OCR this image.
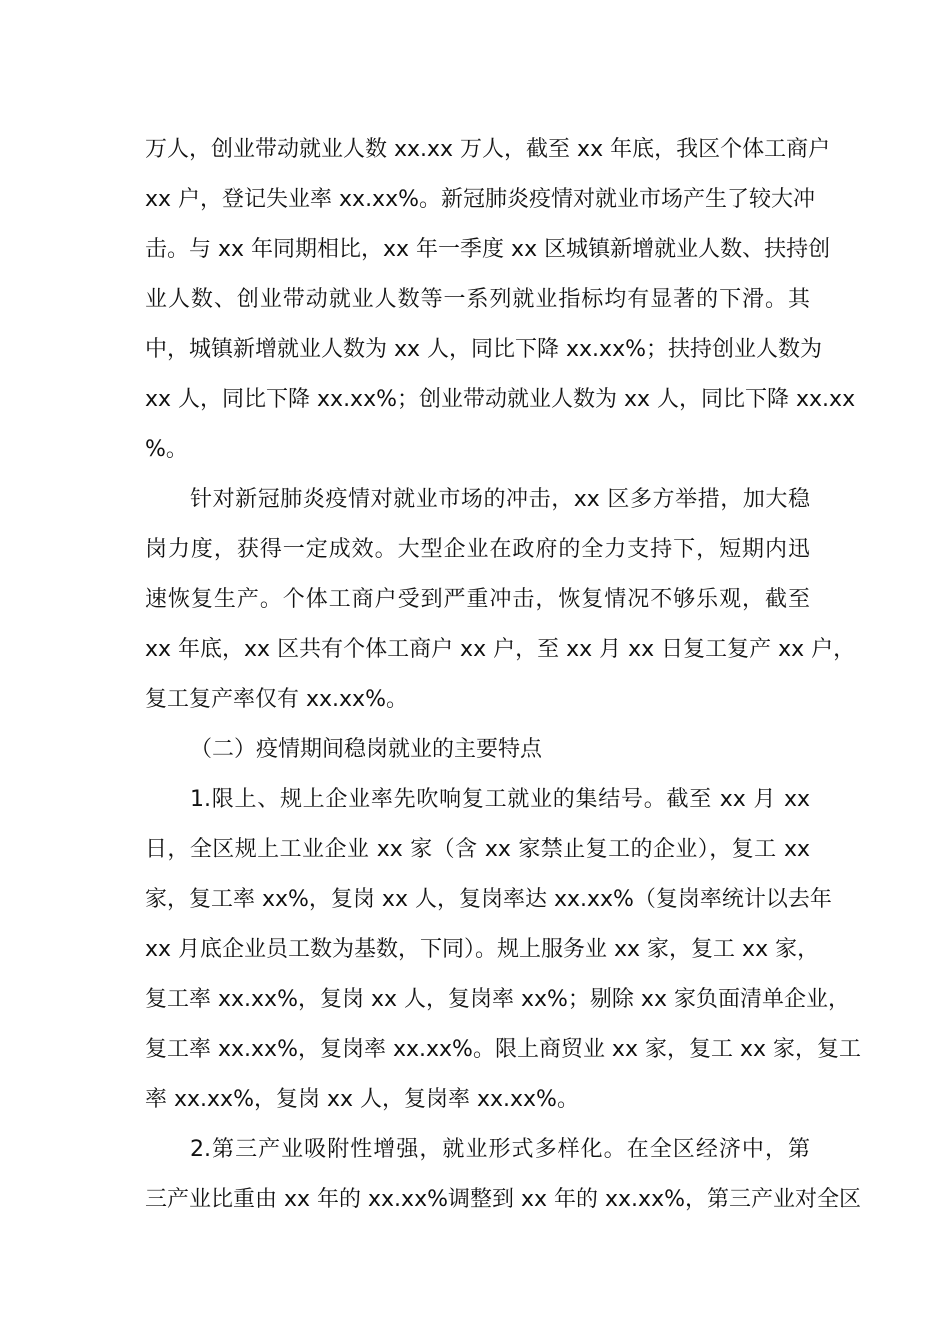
万人，创业带动就业人数 xx.xx 万人，截至 xx 年底，我区个体工商户
xx 户，登记失业率 xx.xx%。新冠肺炎疫情对就业市场产生了较大冲
击。与 xx 年同期相比，xx 年一季度 xx 区城镇新增就业人数、扶持创
业人数、创业带动就业人数等一系列就业指标均有显著的下滑。其
中，城镇新增就业人数为 xx 人，同比下降 xx.xx%；扶持创业人数为
xx 人，同比下降 xx.xx%；创业带动就业人数为 xx 人，同比下降 xx.xx
%。
针对新冠肺炎疫情对就业市场的冲击，xx 区多方举措，加大稳
岗力度，获得一定成效。大型企业在政府的全力支持下，短期内迅
速恢复生产。个体工商户受到严重冲击，恢复情况不够乐观，截至
xx 年底，xx 区共有个体工商户 xx 户，至 xx 月 xx 日复工复产 xx 户，
复工复产率仅有 xx.xx%。
（二）疫情期间稳岗就业的主要特点
1.限上、规上企业率先吹响复工就业的集结号。截至 xx 月 xx
日，全区规上工业企业 xx 家（含 xx 家禁止复工的企业），复工 xx
家，复工率 xx%，复岗 xx 人，复岗率达 xx.xx%（复岗率统计以去年
xx 月底企业员工数为基数，下同）。规上服务业 xx 家，复工 xx 家，
复工率 xx.xx%，复岗 xx 人，复岗率 xx%；剔除 xx 家负面清单企业，
复工率 xx.xx%，复岗率 xx.xx%。限上商贸业 xx 家，复工 xx 家，复工
率 xx.xx%，复岗 xx 人，复岗率 xx.xx%。
2.第三产业吸附性增强，就业形式多样化。在全区经济中，第
三产业比重由 xx 年的 xx.xx%调整到 xx 年的 xx.xx%，第三产业对全区
